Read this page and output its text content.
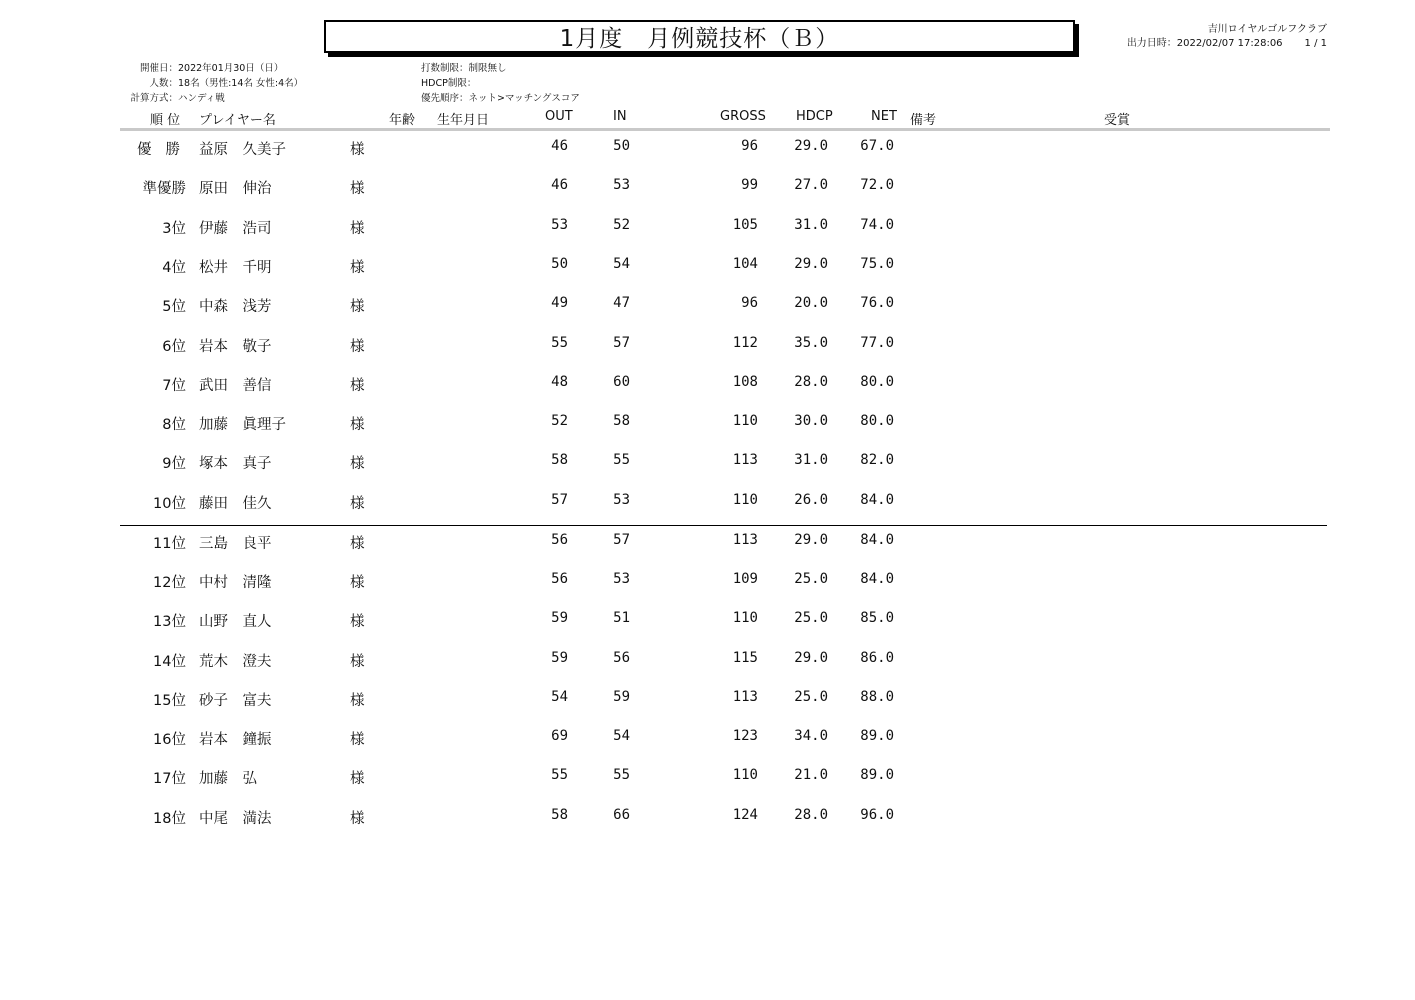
1月度　月例競技杯（Ｂ）	吉川ロイヤルゴルフクラブ
出力日時：2022/02/07 17:28:06 1 / 1
開催日：2022年01月30日（日）
人数：18名（男性:14名 女性:4名）
計算方式：ハンディ戦
打数制限：制限無し
HDCP制限：
優先順序：ネット>マッチングスコア
順 位 プレイヤー名	年齢 生年月日	OUT	IN	GROSS HDCP	NET 備考	受賞
優勝 益原　久美子	様	46	50	96	29.0	67.0
準優勝 原田　伸治	様	46	53	99	27.0	72.0
3位 伊藤　浩司	様	53	52	105	31.0	74.0
4位 松井　千明	様	50	54	104	29.0	75.0
5位 中森　浅芳	様	49	47	96	20.0	76.0
6位 岩本　敬子	様	55	57	112	35.0	77.0
7位 武田　善信	様	48	60	108	28.0	80.0
8位 加藤　眞理子	様	52	58	110	30.0	80.0
9位 塚本　真子	様	58	55	113	31.0	82.0
10位 藤田　佳久	様	57	53	110	26.0	84.0
11位 三島　良平	様	56	57	113	29.0	84.0
12位 中村　清隆	様	56	53	109	25.0	84.0
13位 山野　直人	様	59	51	110	25.0	85.0
14位 荒木　澄夫	様	59	56	115	29.0	86.0
15位 砂子　富夫	様	54	59	113	25.0	88.0
16位 岩本　鐘振	様	69	54	123	34.0	89.0
17位 加藤　弘	様	55	55	110	21.0	89.0
18位 中尾　満法	様	58	66	124	28.0	96.0
